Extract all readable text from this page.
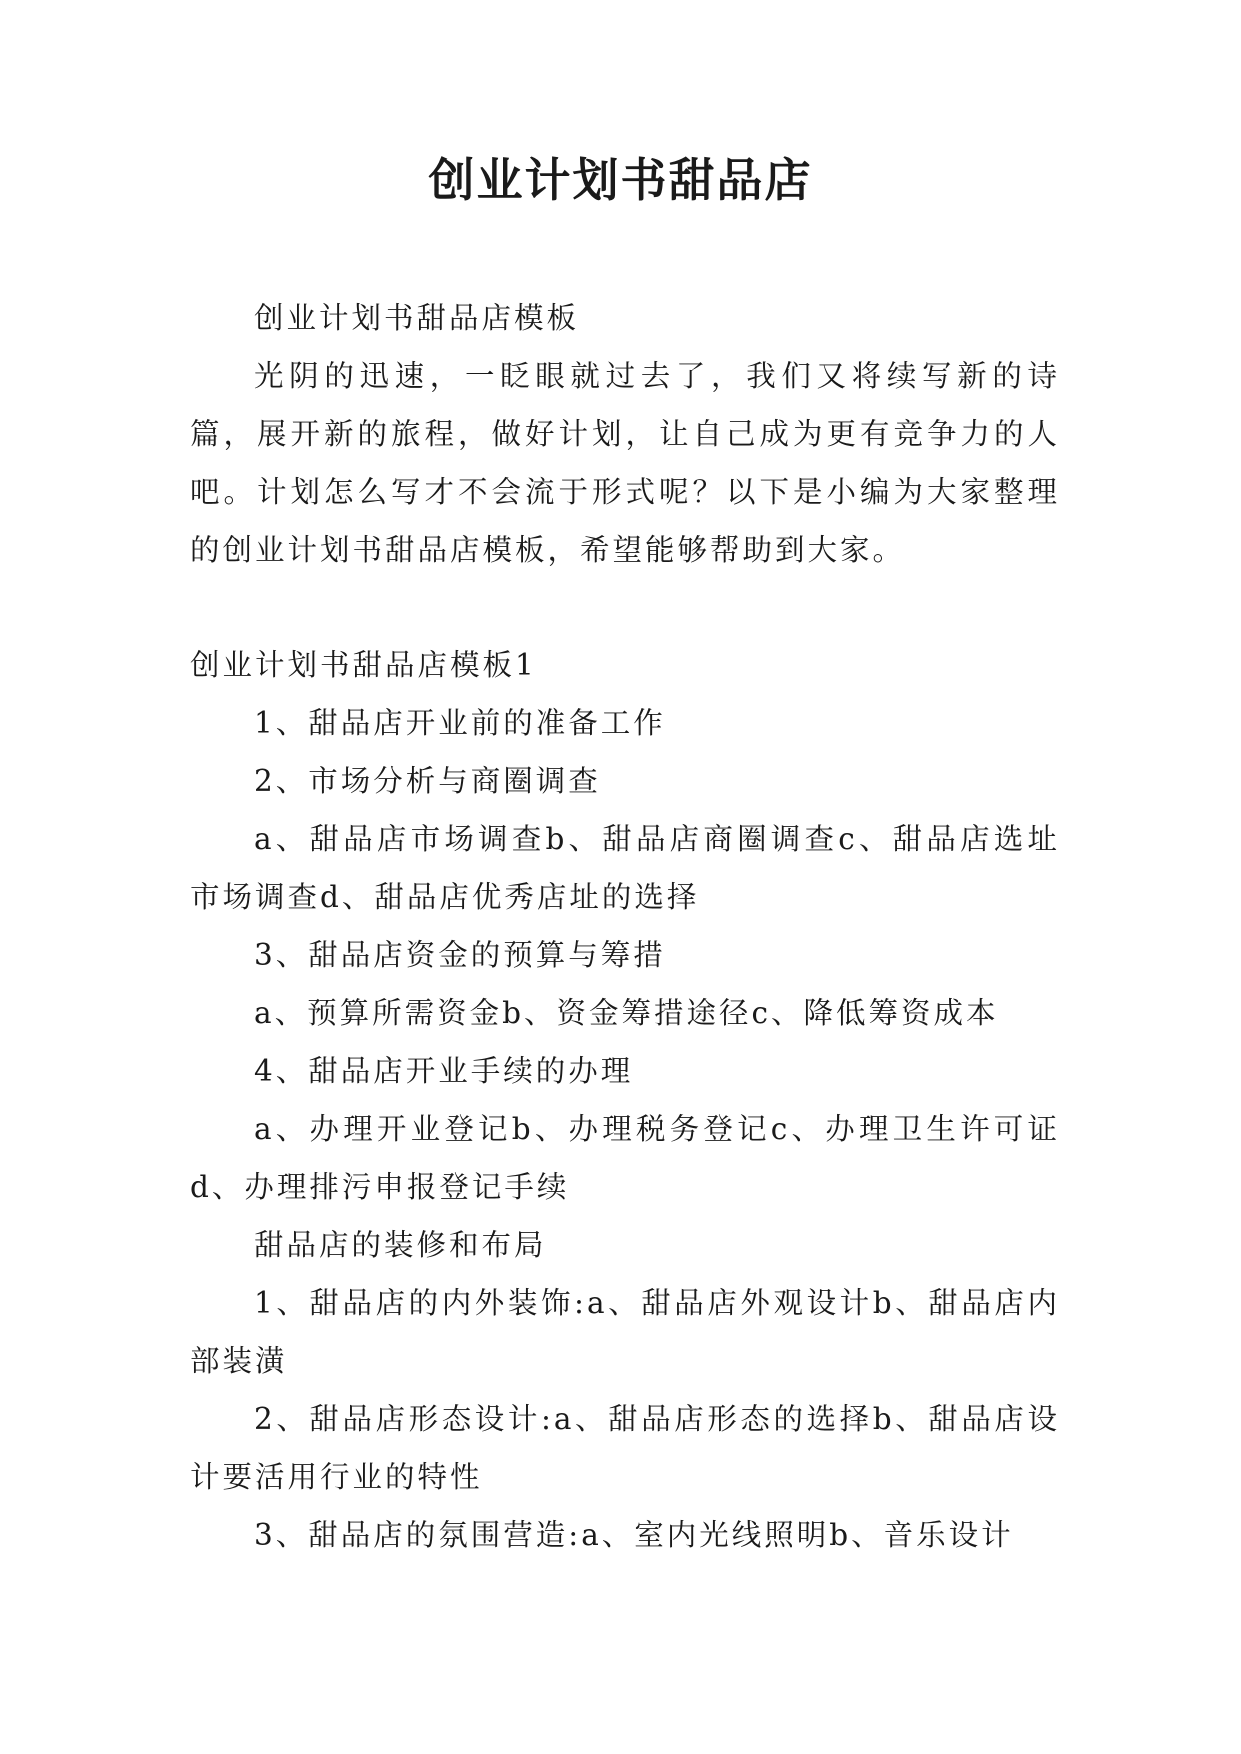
创业计划书甜品店

创业计划书甜品店模板

光阴的迅速，一眨眼就过去了，我们又将续写新的诗篇，展开新的旅程，做好计划，让自己成为更有竞争力的人吧。计划怎么写才不会流于形式呢？以下是小编为大家整理的创业计划书甜品店模板，希望能够帮助到大家。

创业计划书甜品店模板1

1、甜品店开业前的准备工作

2、市场分析与商圈调查

a、甜品店市场调查b、甜品店商圈调查c、甜品店选址市场调查d、甜品店优秀店址的选择

3、甜品店资金的预算与筹措

a、预算所需资金b、资金筹措途径c、降低筹资成本

4、甜品店开业手续的办理

a、办理开业登记b、办理税务登记c、办理卫生许可证d、办理排污申报登记手续

甜品店的装修和布局

1、甜品店的内外装饰:a、甜品店外观设计b、甜品店内部装潢

2、甜品店形态设计:a、甜品店形态的选择b、甜品店设计要活用行业的特性

3、甜品店的氛围营造:a、室内光线照明b、音乐设计
